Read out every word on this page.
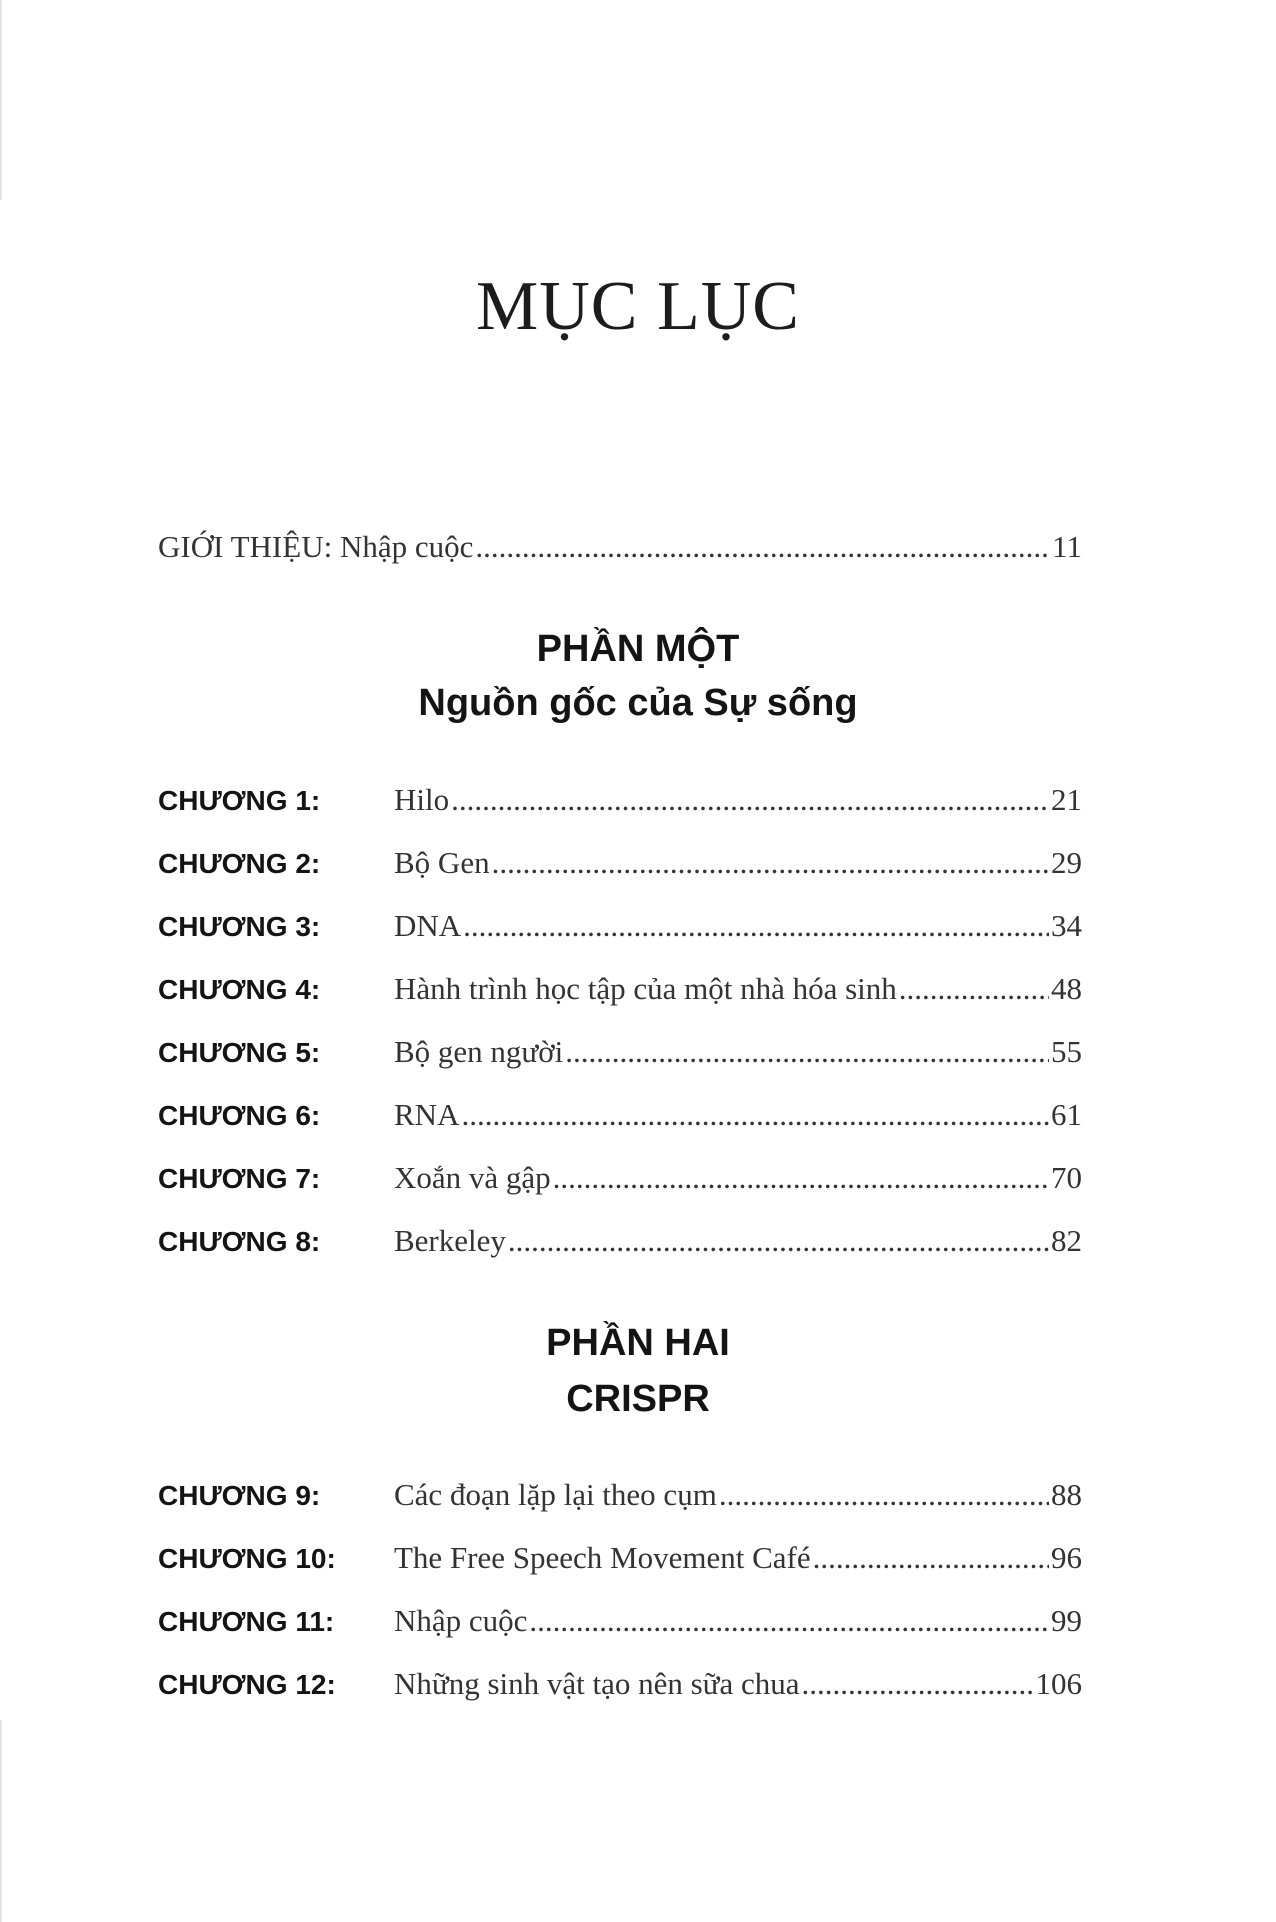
MỤC LỤC
GIỚI THIỆU: Nhập cuộc .....	11
PHẦN MỘT
Nguồn gốc của Sự sống
CHƯƠNG 1:	Hilo .....	21
CHƯƠNG 2:	Bộ Gen .....	29
CHƯƠNG 3:	DNA .....	34
CHƯƠNG 4:	Hành trình học tập của một nhà hóa sinh .....	48
CHƯƠNG 5:	Bộ gen người .....	55
CHƯƠNG 6:	RNA .....	61
CHƯƠNG 7:	Xoắn và gập .....	70
CHƯƠNG 8:	Berkeley .....	82
PHẦN HAI
CRISPR
CHƯƠNG 9:	Các đoạn lặp lại theo cụm .....	88
CHƯƠNG 10:	The Free Speech Movement Café .....	96
CHƯƠNG 11:	Nhập cuộc .....	99
CHƯƠNG 12:	Những sinh vật tạo nên sữa chua .....	106
